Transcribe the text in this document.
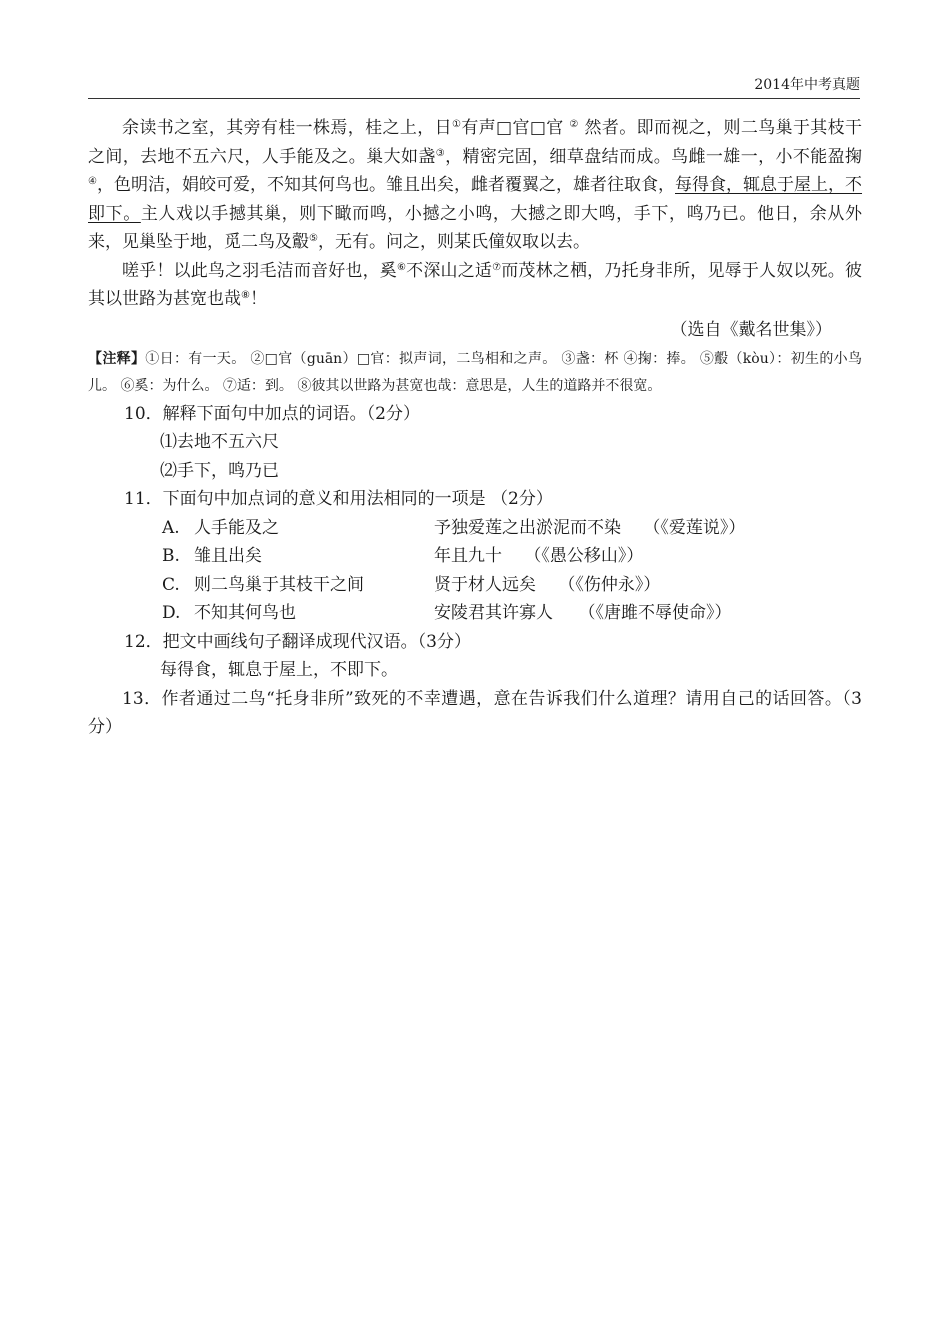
2014年中考真题

余读书之室，其旁有桂一株焉，桂之上，日①有声□官□官 ② 然者。即而视之，则二鸟巢于其枝干之间，去地不五六尺，人手能及之。巢大如盏③，精密完固，细草盘结而成。鸟雌一雄一，小不能盈掬④，色明洁，娟皎可爱，不知其何鸟也。雏且出矣，雌者覆翼之，雄者往取食，每得食，辄息于屋上，不即下。主人戏以手撼其巢，则下瞰而鸣，小撼之小鸣，大撼之即大鸣，手下，鸣乃已。他日，余从外来，见巢坠于地，觅二鸟及鷇⑤，无有。问之，则某氏僮奴取以去。

嗟乎！以此鸟之羽毛洁而音好也，奚⑥不深山之适⑦而茂林之栖，乃托身非所，见辱于人奴以死。彼其以世路为甚宽也哉⑧！

（选自《戴名世集》）
【注释】①日：有一天。 ②□官（guān）□官：拟声词，二鸟相和之声。 ③盏：杯 ④掬：捧。 ⑤鷇（kòu）：初生的小鸟儿。 ⑥奚：为什么。 ⑦适：到。 ⑧彼其以世路为甚宽也哉：意思是，人生的道路并不很宽。

10．解释下面句中加点的词语。（2分）

⑴去地不五六尺

⑵手下，鸣乃已

11．下面句中加点词的意义和用法相同的一项是 （2分）

A. 人手能及之	予独爱莲之出淤泥而不染　 （《爱莲说》）
B. 雏且出矣	年且九十　 （《愚公移山》）
C. 则二鸟巢于其枝干之间	贤于材人远矣　 （《伤仲永》）
D. 不知其何鸟也	安陵君其许寡人　　（《唐雎不辱使命》）

12．把文中画线句子翻译成现代汉语。（3分）

每得食，辄息于屋上，不即下。

13．作者通过二鸟“托身非所”致死的不幸遭遇，意在告诉我们什么道理？请用自己的话回答。（3分）
